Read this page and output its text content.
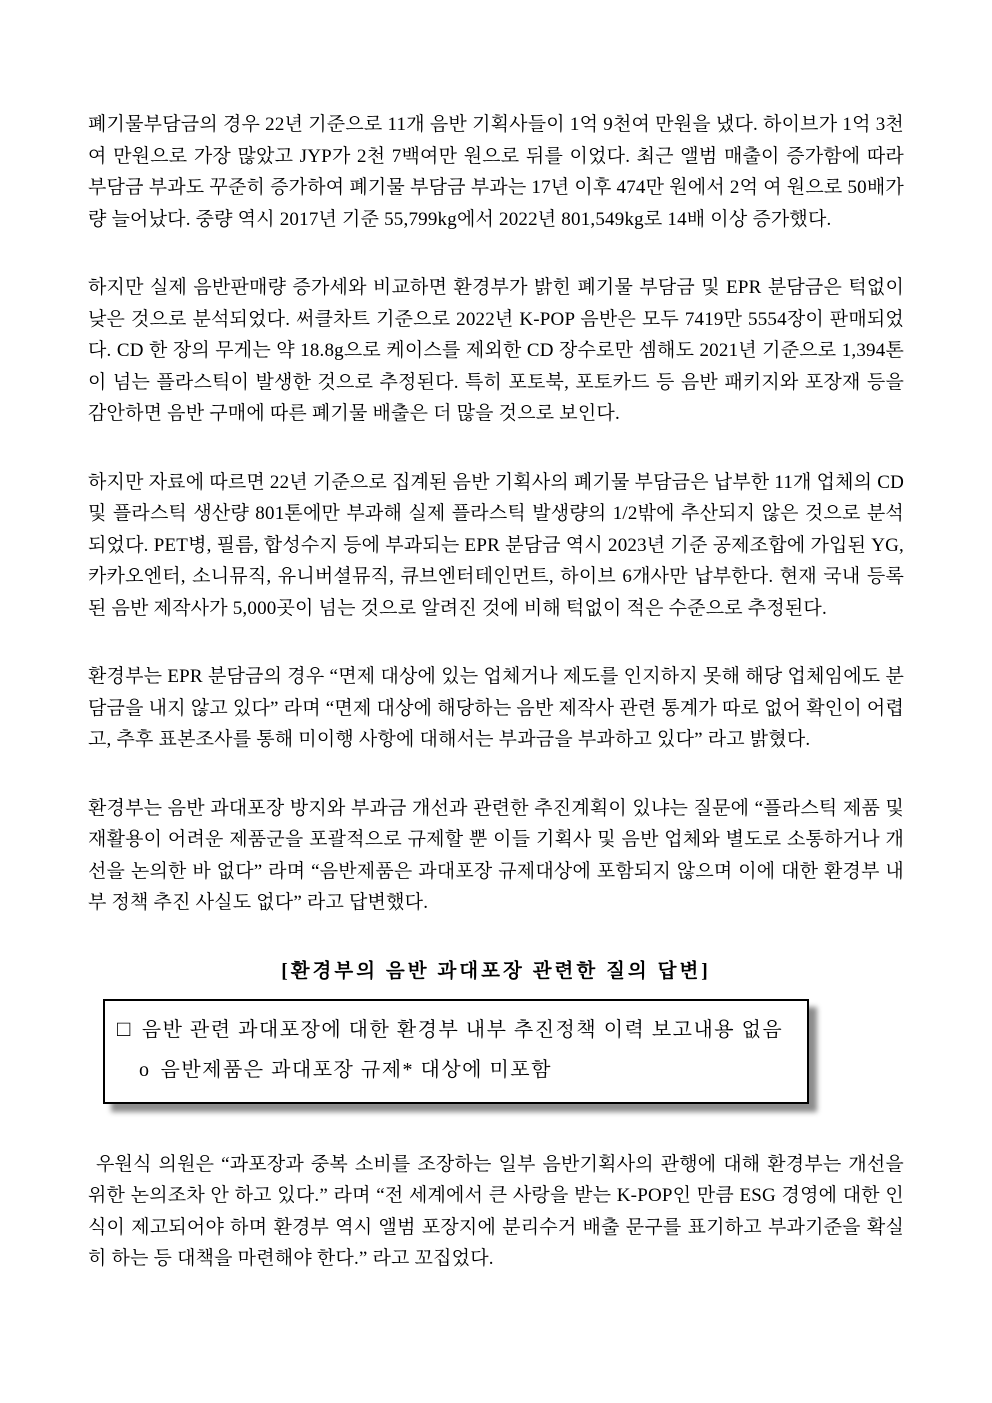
폐기물부담금의 경우 22년 기준으로 11개 음반 기획사들이 1억 9천여 만원을 냈다. 하이브가 1억 3천여 만원으로 가장 많았고 JYP가 2천 7백여만 원으로 뒤를 이었다. 최근 앨범 매출이 증가함에 따라 부담금 부과도 꾸준히 증가하여 폐기물 부담금 부과는 17년 이후 474만 원에서 2억 여 원으로 50배가량 늘어났다. 중량 역시 2017년 기준 55,799kg에서 2022년 801,549kg로 14배 이상 증가했다.

하지만 실제 음반판매량 증가세와 비교하면 환경부가 밝힌 폐기물 부담금 및 EPR 분담금은 턱없이 낮은 것으로 분석되었다. 써클차트 기준으로 2022년 K-POP 음반은 모두 7419만 5554장이 판매되었다. CD 한 장의 무게는 약 18.8g으로 케이스를 제외한 CD 장수로만 셈해도 2021년 기준으로 1,394톤이 넘는 플라스틱이 발생한 것으로 추정된다. 특히 포토북, 포토카드 등 음반 패키지와 포장재 등을 감안하면 음반 구매에 따른 폐기물 배출은 더 많을 것으로 보인다.

하지만 자료에 따르면 22년 기준으로 집계된 음반 기획사의 폐기물 부담금은 납부한 11개 업체의 CD 및 플라스틱 생산량 801톤에만 부과해 실제 플라스틱 발생량의 1/2밖에 추산되지 않은 것으로 분석되었다. PET병, 필름, 합성수지 등에 부과되는 EPR 분담금 역시 2023년 기준 공제조합에 가입된 YG, 카카오엔터, 소니뮤직, 유니버셜뮤직, 큐브엔터테인먼트, 하이브 6개사만 납부한다. 현재 국내 등록된 음반 제작사가 5,000곳이 넘는 것으로 알려진 것에 비해 턱없이 적은 수준으로 추정된다.

환경부는 EPR 분담금의 경우 “면제 대상에 있는 업체거나 제도를 인지하지 못해 해당 업체임에도 분담금을 내지 않고 있다” 라며 “면제 대상에 해당하는 음반 제작사 관련 통계가 따로 없어 확인이 어렵고, 추후 표본조사를 통해 미이행 사항에 대해서는 부과금을 부과하고 있다” 라고 밝혔다.

환경부는 음반 과대포장 방지와 부과금 개선과 관련한 추진계획이 있냐는 질문에 “플라스틱 제품 및 재활용이 어려운 제품군을 포괄적으로 규제할 뿐 이들 기획사 및 음반 업체와 별도로 소통하거나 개선을 논의한 바 없다” 라며 “음반제품은 과대포장 규제대상에 포함되지 않으며 이에 대한 환경부 내부 정책 추진 사실도 없다” 라고 답변했다.

[환경부의 음반 과대포장 관련한 질의 답변]
□ 음반 관련 과대포장에 대한 환경부 내부 추진정책 이력 보고내용 없음
o 음반제품은 과대포장 규제* 대상에 미포함

우원식 의원은 “과포장과 중복 소비를 조장하는 일부 음반기획사의 관행에 대해 환경부는 개선을 위한 논의조차 안 하고 있다.” 라며 “전 세계에서 큰 사랑을 받는 K-POP인 만큼 ESG 경영에 대한 인식이 제고되어야 하며 환경부 역시 앨범 포장지에 분리수거 배출 문구를 표기하고 부과기준을 확실히 하는 등 대책을 마련해야 한다.” 라고 꼬집었다.
